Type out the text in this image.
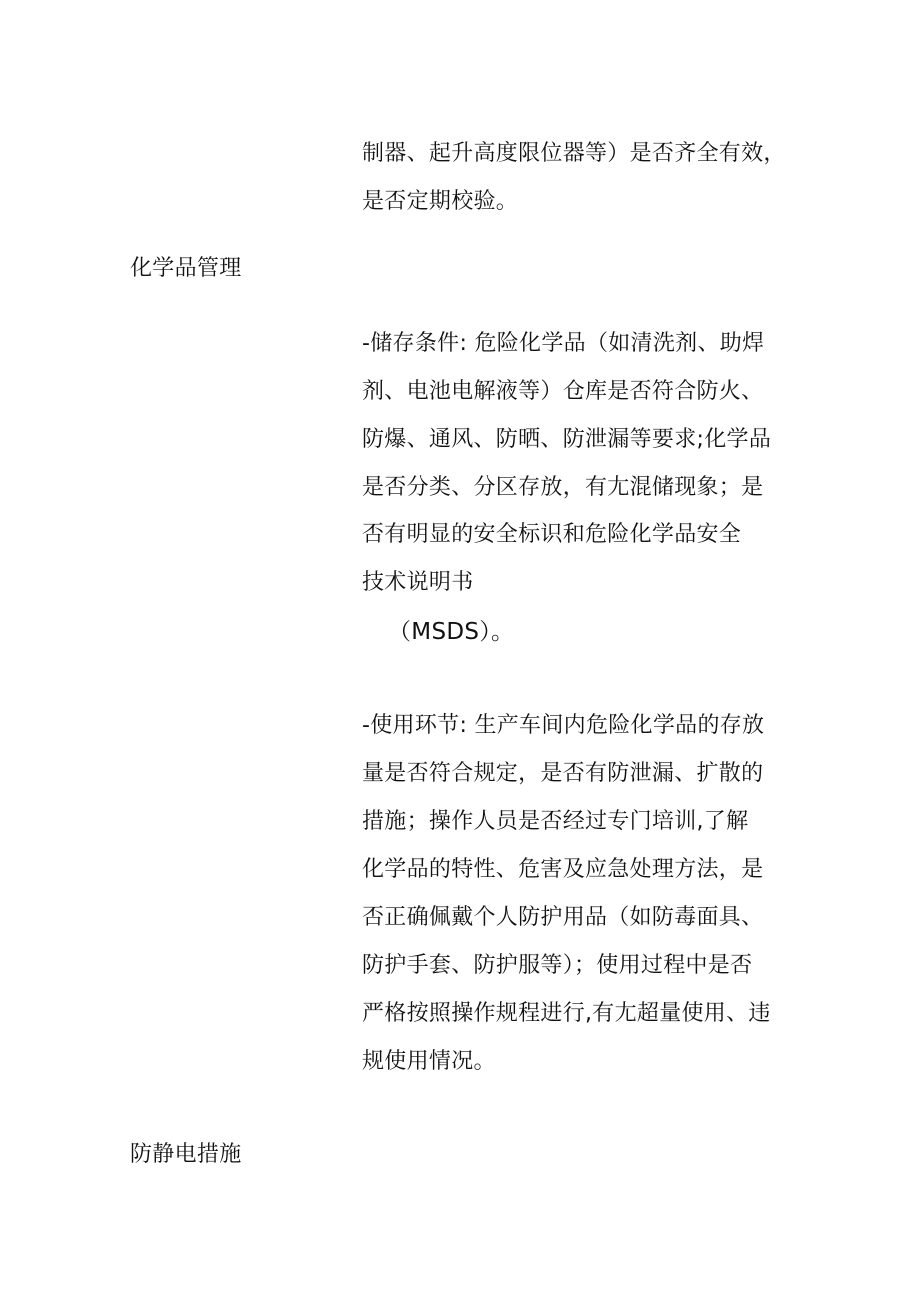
制器、起升高度限位器等）是否齐全有效，
是否定期校验。
化学品管理
-储存条件: 危险化学品（如清洗剂、助焊
剂、电池电解液等）仓库是否符合防火、
防爆、通风、防晒、防泄漏等要求;化学品
是否分类、分区存放，有尢混储现象；是
否有明显的安全标识和危险化学品安全
技术说明书
（MSDS）。
-使用环节: 生产车间内危险化学品的存放
量是否符合规定，是否有防泄漏、扩散的
措施；操作人员是否经过专门培训,了解
化学品的特性、危害及应急处理方法，是
否正确佩戴个人防护用品（如防毒面具、
防护手套、防护服等）；使用过程中是否
严格按照操作规程进行,有尢超量使用、违
规使用情况。
防静电措施
